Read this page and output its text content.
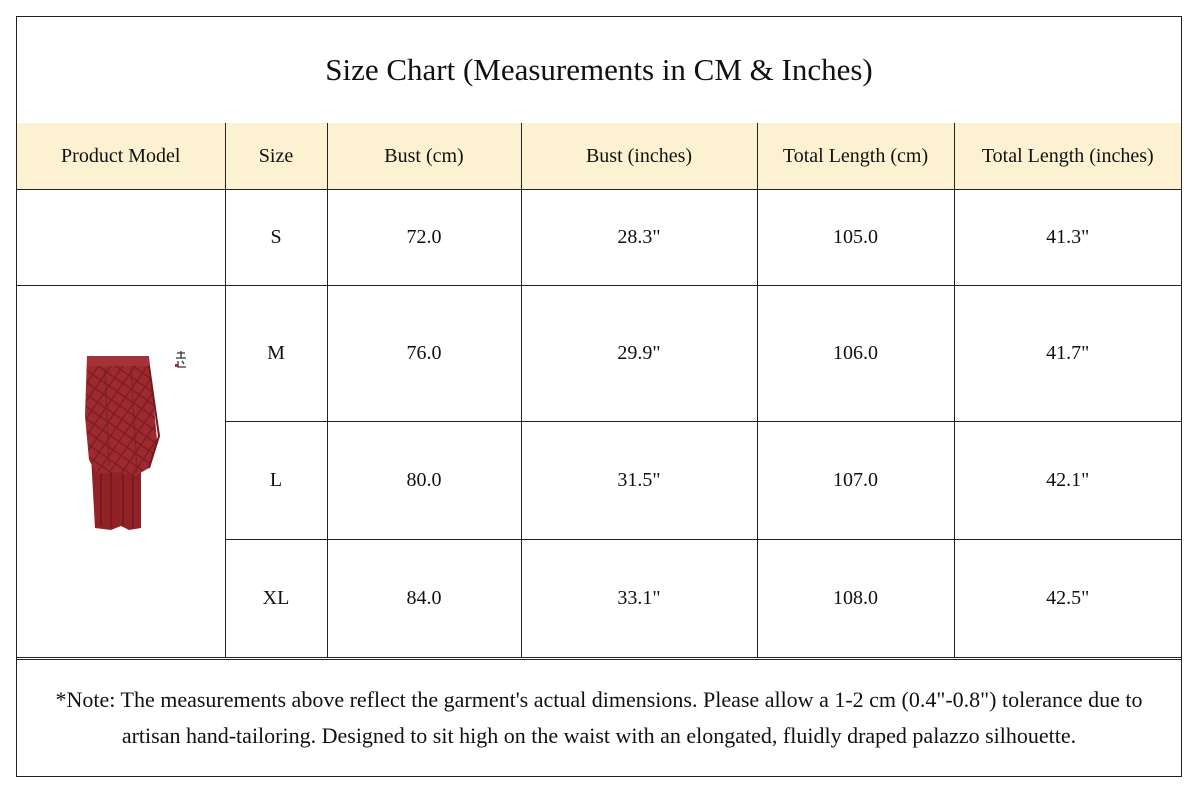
Size Chart (Measurements in CM & Inches)
Product Model	Size	Bust (cm)	Bust (inches)	Total Length (cm)	Total Length (inches)
	S	72.0	28.3"	105.0	41.3"

	M	76.0	29.9"	106.0	41.7"
	L	80.0	31.5"	107.0	42.1"
	XL	84.0	33.1"	108.0	42.5"
*Note: The measurements above reflect the garment's actual dimensions. Please allow a 1-2 cm (0.4"-0.8") tolerance due to artisan hand-tailoring. Designed to sit high on the waist with an elongated, fluidly draped palazzo silhouette.
